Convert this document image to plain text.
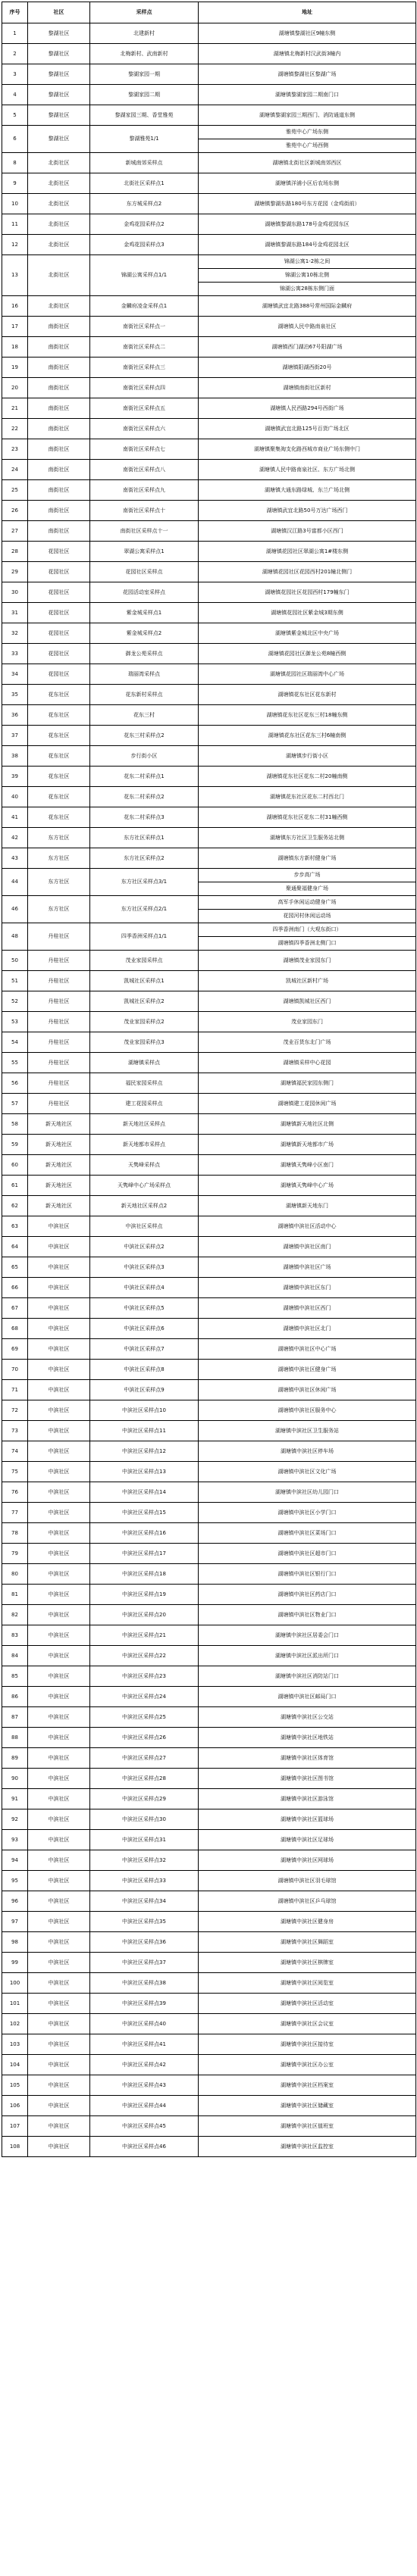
序号	社区	采样点	地址
1	黎湖社区	北建新村	湖塘镇黎湖社区9幢东侧
2	黎湖社区	北梅新村、武南新村	湖塘镇北梅新村汉武街3幢内
3	黎湖社区	黎湖家园一期	湖塘镇黎湖社区黎湖广场
4	黎湖社区	黎湖家园二期	湖塘镇黎湖家园二期南门口
5	黎湖社区	黎湖家园三期、香堂雅苑	湖塘镇黎湖家园三期西门、消防通道东侧
6	黎湖社区	黎湖雅苑1/1	雅苑中心广场东侧
			雅苑中心广场西侧
8	北街社区	新城南郊采样点	湖塘镇北街社区新城南郊西区
9	北街社区	北街社区采样点1	湖塘镇洋浦小区后农场东侧
10	北街社区	东方城采样点2	湖塘镇黎湖东路180号东方花园（金鸡街前）
11	北街社区	金鸡花园采样点2	湖塘镇黎湖东路178号金鸡花园东区
12	北街社区	金鸡花园采样点3	湖塘镇黎湖东路184号金鸡花园北区
13	北街社区	锦湖公寓采样点1/1	锦湖公寓1-2栋之间
			锦湖公寓10栋北侧
			锦湖公寓28栋东侧门面
16	北街社区	金麟府凌金采样点1	湖塘镇武宜北路388号常州国际金麟府
17	南街社区	南街社区采样点一	湖塘镇人民中路南泉社区
18	南街社区	南街社区采样点二	湖塘镇西门湖泊67号阳湖广场
19	南街社区	南街社区采样点三	湖塘镇阳湖西街20号
20	南街社区	南街社区采样点四	湖塘镇南街社区新村
21	南街社区	南街社区采样点五	湖塘镇人民西路294号西街广场
22	南街社区	南街社区采样点六	湖塘镇武宜北路125号百货广场北区
23	南街社区	南街社区采样点七	湖塘镇聚集淘支化路西城市商业广场东侧中门
24	南街社区	南街社区采样点八	湖塘镇人民中路南泉社区、东方广场北侧
25	南街社区	南街社区采样点九	湖塘镇大通东路绿城、东兰广场北侧
26	南街社区	南街社区采样点十	湖塘镇武宜北路50号万达广场西门
27	南街社区	南街社区采样点十一	湖塘镇汉江路3号富都小区西门
28	花园社区	翠湖公寓采样点1	湖塘镇花园社区翠湖公寓1#楼东侧
29	花园社区	花园社区采样点	湖塘镇花园社区花园西村201幢北侧门
30	花园社区	花园活动室采样点	湖塘镇花园社区花园西村179幢东门
31	花园社区	紫金城采样点1	湖塘镇花园社区紫金城3期东侧
32	花园社区	紫金城采样点2	湖塘镇紫金城北区中央广场
33	花园社区	御龙公苑采样点	湖塘镇花园社区御龙公苑8幢西侧
34	花园社区	瑞丽湾采样点	湖塘镇花园社区瑞丽湾中心广场
35	花东社区	花东新村采样点	湖塘镇花东社区花东新村
36	花东社区	花东三村	湖塘镇花东社区花东三村18幢东侧
37	花东社区	花东三村采样点2	湖塘镇花东社区花东三村6幢南侧
38	花东社区	步行街小区	湖塘镇步行街小区
39	花东社区	花东二村采样点1	湖塘镇花东社区花东二村20幢南侧
40	花东社区	花东二村采样点2	湖塘镇花东社区花东二村西北门
41	花东社区	花东二村采样点3	湖塘镇花东社区花东二村31幢西侧
42	东方社区	东方社区采样点1	湖塘镇东方社区卫生服务站北侧
43	东方社区	东方社区采样点2	湖塘镇东方新村健身广场
44	东方社区	东方社区采样点3/1	步步高广场
			聚通聚福健身广场
46	东方社区	东方社区采样点2/1	高军手休闲运动健身广场
			花园河村休闲运动场
48	丹桂社区	四季香洲采样点1/1	四季香洲南门（大观东街口）
			湖塘镇四季香洲北侧门口
50	丹桂社区	茂业家园采样点	湖塘镇茂业家园东门
51	丹桂社区	凯城社区采样点1	凯城社区新村广场
52	丹桂社区	凯城社区采样点2	湖塘镇凯城社区西门
53	丹桂社区	茂业家园采样点2	茂业家园东门
54	丹桂社区	茂业家园采样点3	茂业百货东北门广场
55	丹桂社区	湖塘镇采样点	湖塘镇采样中心花园
56	丹桂社区	福民家园采样点	湖塘镇福民家园东侧门
57	丹桂社区	建工花园采样点	湖塘镇建工花园休闲广场
58	新天地社区	新天地社区采样点	湖塘镇新天地社区北侧
59	新天地社区	新天地都市采样点	湖塘镇新天地都市广场
60	新天地社区	天隽峰采样点	湖塘镇天隽峰小区南门
61	新天地社区	天隽峰中心广场采样点	湖塘镇天隽峰中心广场
62	新天地社区	新天地社区采样点2	湖塘镇新天地东门
63	中滨社区	中滨社区采样点	湖塘镇中滨社区活动中心
64	中滨社区	中滨社区采样点2	湖塘镇中滨社区南门
65	中滨社区	中滨社区采样点3	湖塘镇中滨社区广场
66	中滨社区	中滨社区采样点4	湖塘镇中滨社区东门
67	中滨社区	中滨社区采样点5	湖塘镇中滨社区西门
68	中滨社区	中滨社区采样点6	湖塘镇中滨社区北门
69	中滨社区	中滨社区采样点7	湖塘镇中滨社区中心广场
70	中滨社区	中滨社区采样点8	湖塘镇中滨社区健身广场
71	中滨社区	中滨社区采样点9	湖塘镇中滨社区休闲广场
72	中滨社区	中滨社区采样点10	湖塘镇中滨社区服务中心
73	中滨社区	中滨社区采样点11	湖塘镇中滨社区卫生服务站
74	中滨社区	中滨社区采样点12	湖塘镇中滨社区停车场
75	中滨社区	中滨社区采样点13	湖塘镇中滨社区文化广场
76	中滨社区	中滨社区采样点14	湖塘镇中滨社区幼儿园门口
77	中滨社区	中滨社区采样点15	湖塘镇中滨社区小学门口
78	中滨社区	中滨社区采样点16	湖塘镇中滨社区菜场门口
79	中滨社区	中滨社区采样点17	湖塘镇中滨社区超市门口
80	中滨社区	中滨社区采样点18	湖塘镇中滨社区银行门口
81	中滨社区	中滨社区采样点19	湖塘镇中滨社区药店门口
82	中滨社区	中滨社区采样点20	湖塘镇中滨社区物业门口
83	中滨社区	中滨社区采样点21	湖塘镇中滨社区居委会门口
84	中滨社区	中滨社区采样点22	湖塘镇中滨社区派出所门口
85	中滨社区	中滨社区采样点23	湖塘镇中滨社区消防站门口
86	中滨社区	中滨社区采样点24	湖塘镇中滨社区邮局门口
87	中滨社区	中滨社区采样点25	湖塘镇中滨社区公交站
88	中滨社区	中滨社区采样点26	湖塘镇中滨社区地铁站
89	中滨社区	中滨社区采样点27	湖塘镇中滨社区体育馆
90	中滨社区	中滨社区采样点28	湖塘镇中滨社区图书馆
91	中滨社区	中滨社区采样点29	湖塘镇中滨社区游泳馆
92	中滨社区	中滨社区采样点30	湖塘镇中滨社区篮球场
93	中滨社区	中滨社区采样点31	湖塘镇中滨社区足球场
94	中滨社区	中滨社区采样点32	湖塘镇中滨社区网球场
95	中滨社区	中滨社区采样点33	湖塘镇中滨社区羽毛球馆
96	中滨社区	中滨社区采样点34	湖塘镇中滨社区乒乓球馆
97	中滨社区	中滨社区采样点35	湖塘镇中滨社区健身房
98	中滨社区	中滨社区采样点36	湖塘镇中滨社区舞蹈室
99	中滨社区	中滨社区采样点37	湖塘镇中滨社区棋牌室
100	中滨社区	中滨社区采样点38	湖塘镇中滨社区阅览室
101	中滨社区	中滨社区采样点39	湖塘镇中滨社区活动室
102	中滨社区	中滨社区采样点40	湖塘镇中滨社区会议室
103	中滨社区	中滨社区采样点41	湖塘镇中滨社区接待室
104	中滨社区	中滨社区采样点42	湖塘镇中滨社区办公室
105	中滨社区	中滨社区采样点43	湖塘镇中滨社区档案室
106	中滨社区	中滨社区采样点44	湖塘镇中滨社区储藏室
107	中滨社区	中滨社区采样点45	湖塘镇中滨社区值班室
108	中滨社区	中滨社区采样点46	湖塘镇中滨社区监控室
